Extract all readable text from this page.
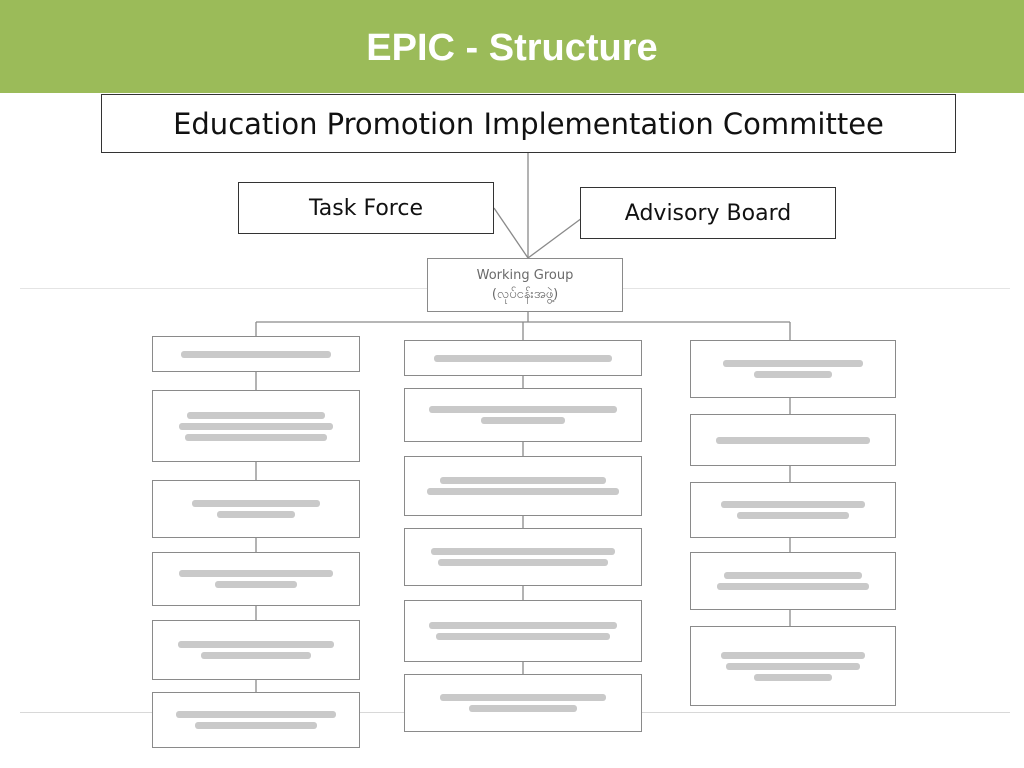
EPIC - Structure
Education Promotion Implementation Committee
Task Force	Advisory Board
Working Group
(လုပ်ငန်းအဖွဲ့)
